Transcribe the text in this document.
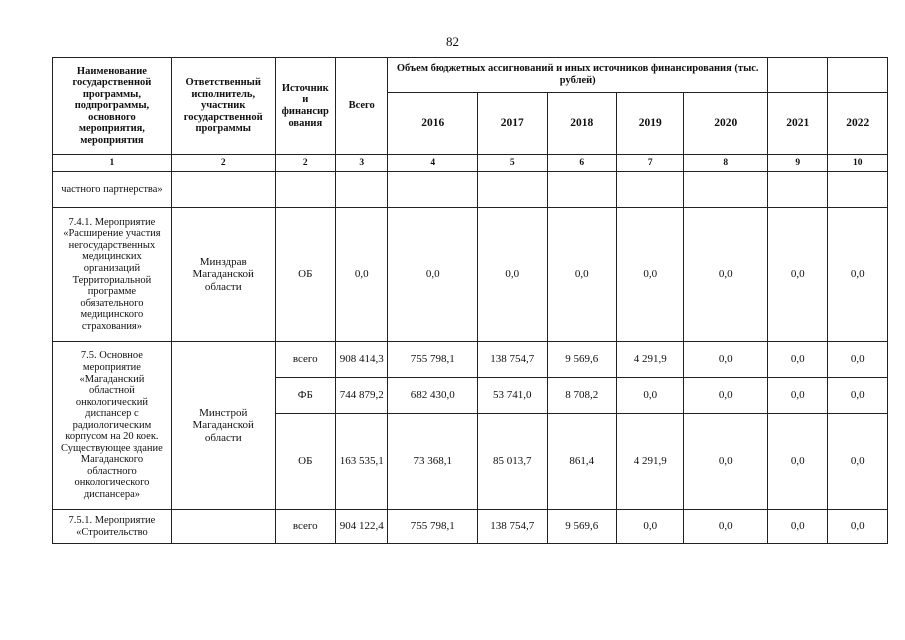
82
Наименование государственной программы, подпрограммы, основного мероприятия, мероприятия	Ответственный исполнитель, участник государственной программы	Источник и финансир ования	Всего	Объем бюджетных ассигнований и иных источников финансирования (тыс. рублей)						
				2016	2017	2018	2019	2020	2021	2022
1	2	2	3	4	5	6	7	8	9	10
частного партнерства»										
7.4.1. Мероприятие «Расширение участия негосударственных медицинских организаций Территориальной программе обязательного медицинского страхования»	Минздрав Магаданской области	ОБ	0,0	0,0	0,0	0,0	0,0	0,0	0,0	0,0
7.5. Основное мероприятие «Магаданский областной онкологический диспансер с радиологическим корпусом на 20 коек. Существующее здание Магаданского областного онкологического диспансера»	Минстрой Магаданской области	всего	908 414,3	755 798,1	138 754,7	9 569,6	4 291,9	0,0	0,0	0,0
		ФБ	744 879,2	682 430,0	53 741,0	8 708,2	0,0	0,0	0,0	0,0
		ОБ	163 535,1	73 368,1	85 013,7	861,4	4 291,9	0,0	0,0	0,0
7.5.1. Мероприятие «Строительство		всего	904 122,4	755 798,1	138 754,7	9 569,6	0,0	0,0	0,0	0,0
